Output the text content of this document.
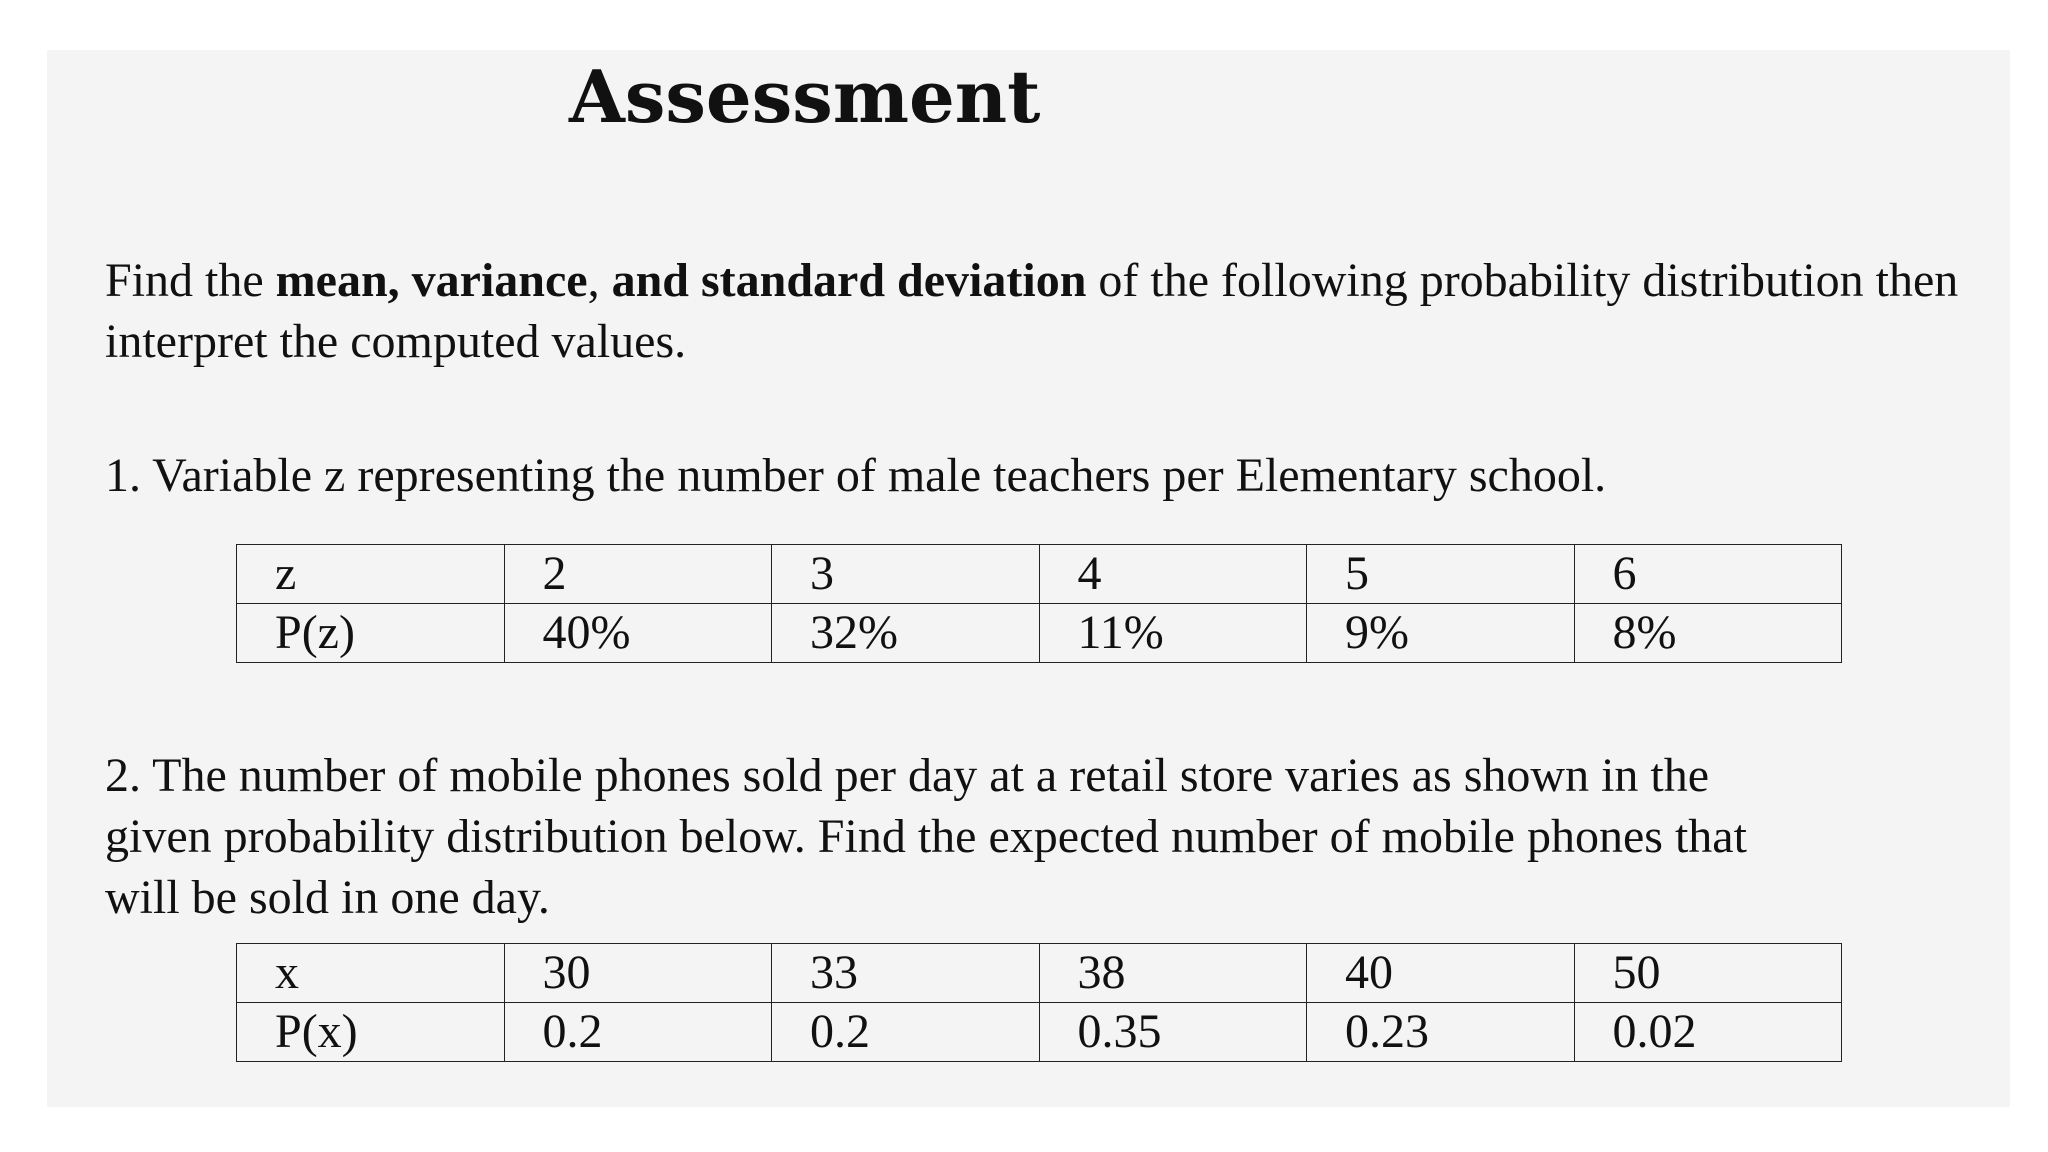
Assessment

Find the mean, variance, and standard deviation of the following probability distribution then interpret the computed values.

1. Variable z representing the number of male teachers per Elementary school.

z	2	3	4	5	6
P(z)	40%	32%	11%	9%	8%

2. The number of mobile phones sold per day at a retail store varies as shown in the given probability distribution below. Find the expected number of mobile phones that will be sold in one day.

x	30	33	38	40	50
P(x)	0.2	0.2	0.35	0.23	0.02
